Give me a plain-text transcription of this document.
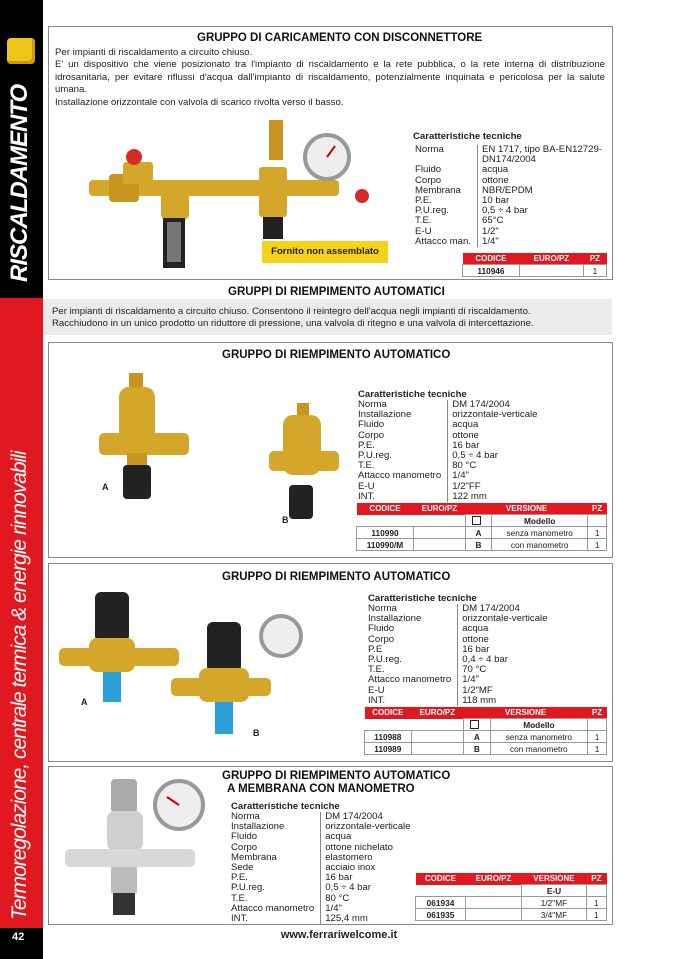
RISCALDAMENTO
Termoregolazione, centrale termica & energie rinnovabili
42
GRUPPO DI CARICAMENTO CON DISCONNETTORE
Per impianti di riscaldamento a circuito chiuso.
E' un dispositivo che viene posizionato tra l'impianto di riscaldamento e la rete pubblica, o la rete interna di distribuzione idrosanitaria, per evitare riflussi d'acqua dall'impianto di riscaldamento, potenzialmente inquinata e pericolosa per la salute umana.
Installazione orizzontale con valvola di scarico rivolta verso il basso.
Caratteristiche tecniche
Norma	EN 1717, tipo BA-EN12729-DN174/2004
Fluido	acqua
Corpo	ottone
Membrana	NBR/EPDM
P.E.	10 bar
P.U.reg.	0,5 ÷ 4 bar
T.E.	65°C
E-U	1/2"
Attacco man.	1/4"
CODICE	EURO/PZ	PZ
110946		1
Fornito non assemblato
GRUPPI DI RIEMPIMENTO AUTOMATICI
Per impianti di riscaldamento a circuito chiuso. Consentono il reintegro dell'acqua negli impianti di riscaldamento.
Racchiudono in un unico prodotto un riduttore di pressione, una valvola di ritegno e una valvola di intercettazione.
GRUPPO DI RIEMPIMENTO AUTOMATICO
A
B
Caratteristiche tecniche
Norma	DM 174/2004
Installazione	orizzontale-verticale
Fluido	acqua
Corpo	ottone
P.E.	16 bar
P.U.reg.	0,5 ÷ 4 bar
T.E.	80 °C
Attacco manometro	1/4"
E-U	1/2"FF
INT.	122 mm
CODICE	EURO/PZ	VERSIONE		PZ
			Modello	
110990		A	senza manometro	1
110990/M		B	con manometro	1
GRUPPO DI RIEMPIMENTO AUTOMATICO
A
B
Caratteristiche tecniche
Norma	DM 174/2004
Installazione	orizzontale-verticale
Fluido	acqua
Corpo	ottone
P.E	16 bar
P.U.reg.	0,4 ÷ 4 bar
T.E.	70 °C
Attacco manometro	1/4"
E-U	1/2"MF
INT.	118 mm
CODICE	EURO/PZ	VERSIONE		PZ
			Modello	
110988		A	senza manometro	1
110989		B	con manometro	1
GRUPPO DI RIEMPIMENTO AUTOMATICO
A MEMBRANA CON MANOMETRO
Caratteristiche tecniche
Norma	DM 174/2004
Installazione	orizzontale-verticale
Fluido	acqua
Corpo	ottone nichelato
Membrana	elastomero
Sede	acciaio inox
P.E.	16 bar
P.U.reg.	0,5 ÷ 4 bar
T.E.	80 °C
Attacco manometro	1/4"
INT.	125,4 mm
CODICE	EURO/PZ	VERSIONE	PZ
		E-U	
061934		1/2"MF	1
061935		3/4"MF	1
www.ferrariwelcome.it
